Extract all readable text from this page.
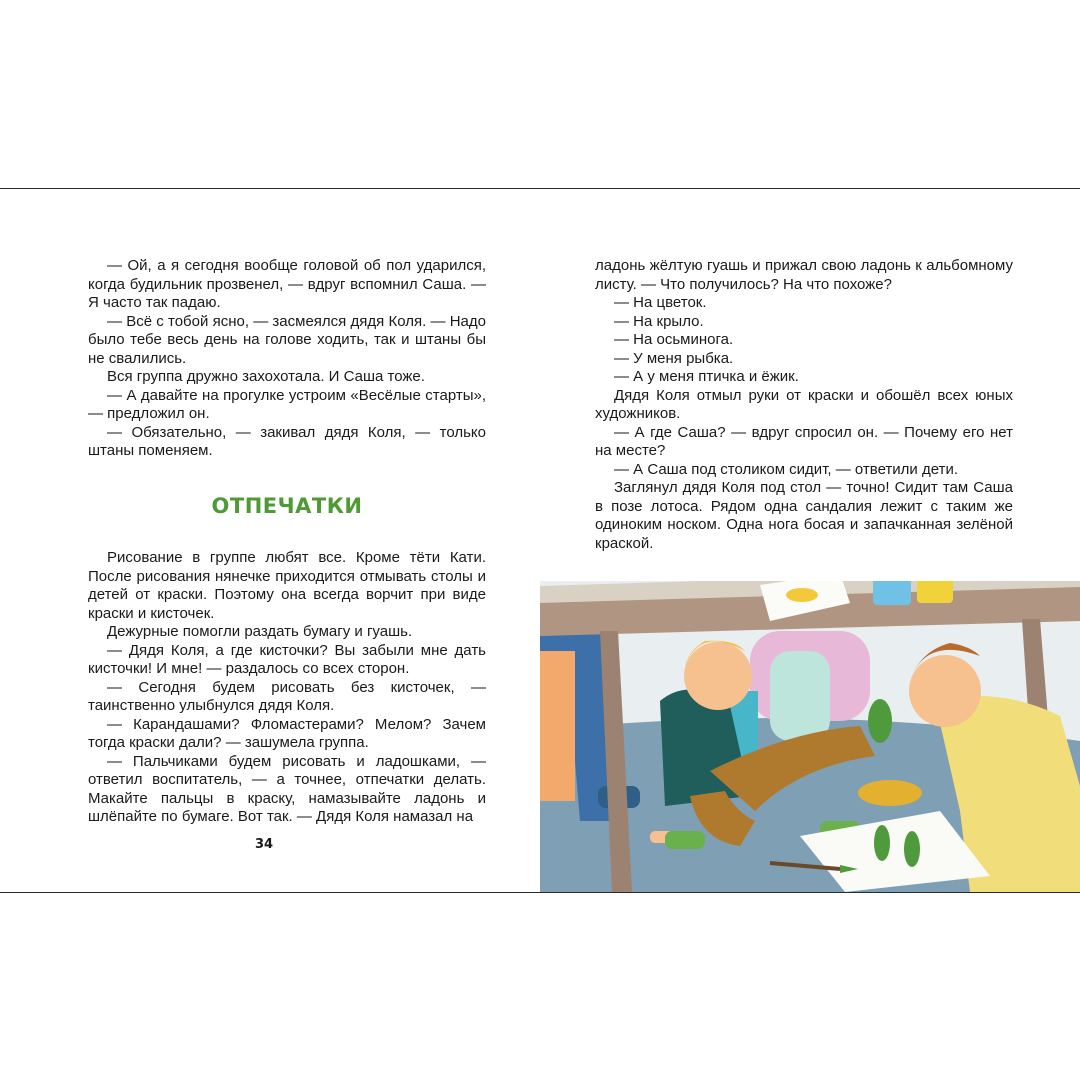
— Ой, а я сегодня вообще головой об пол ударился, когда будильник прозвенел, — вдруг вспомнил Саша. — Я часто так падаю.

— Всё с тобой ясно, — засмеялся дядя Коля. — Надо было тебе весь день на голове ходить, так и штаны бы не свалились.

Вся группа дружно захохотала. И Саша тоже.

— А давайте на прогулке устроим «Весёлые старты», — предложил он.

— Обязательно, — закивал дядя Коля, — только штаны поменяем.

ОТПЕЧАТКИ

Рисование в группе любят все. Кроме тёти Кати. После рисования нянечке приходится отмывать столы и детей от краски. Поэтому она всегда ворчит при виде краски и кисточек.

Дежурные помогли раздать бумагу и гуашь.

— Дядя Коля, а где кисточки? Вы забыли мне дать кисточки! И мне! — раздалось со всех сторон.

— Сегодня будем рисовать без кисточек, — таинственно улыбнулся дядя Коля.

— Карандашами? Фломастерами? Мелом? Зачем тогда краски дали? — зашумела группа.

— Пальчиками будем рисовать и ладошками, — ответил воспитатель, — а точнее, отпечатки делать. Макайте пальцы в краску, намазывайте ладонь и шлёпайте по бумаге. Вот так. — Дядя Коля намазал на

34

ладонь жёлтую гуашь и прижал свою ладонь к альбомному листу. — Что получилось? На что похоже?

— На цветок.

— На крыло.

— На осьминога.

— У меня рыбка.

— А у меня птичка и ёжик.

Дядя Коля отмыл руки от краски и обошёл всех юных художников.

— А где Саша? — вдруг спросил он. — Почему его нет на месте?

— А Саша под столиком сидит, — ответили дети.

Заглянул дядя Коля под стол — точно! Сидит там Саша в позе лотоса. Рядом одна сандалия лежит с таким же одиноким носком. Одна нога босая и запачканная зелёной краской.
